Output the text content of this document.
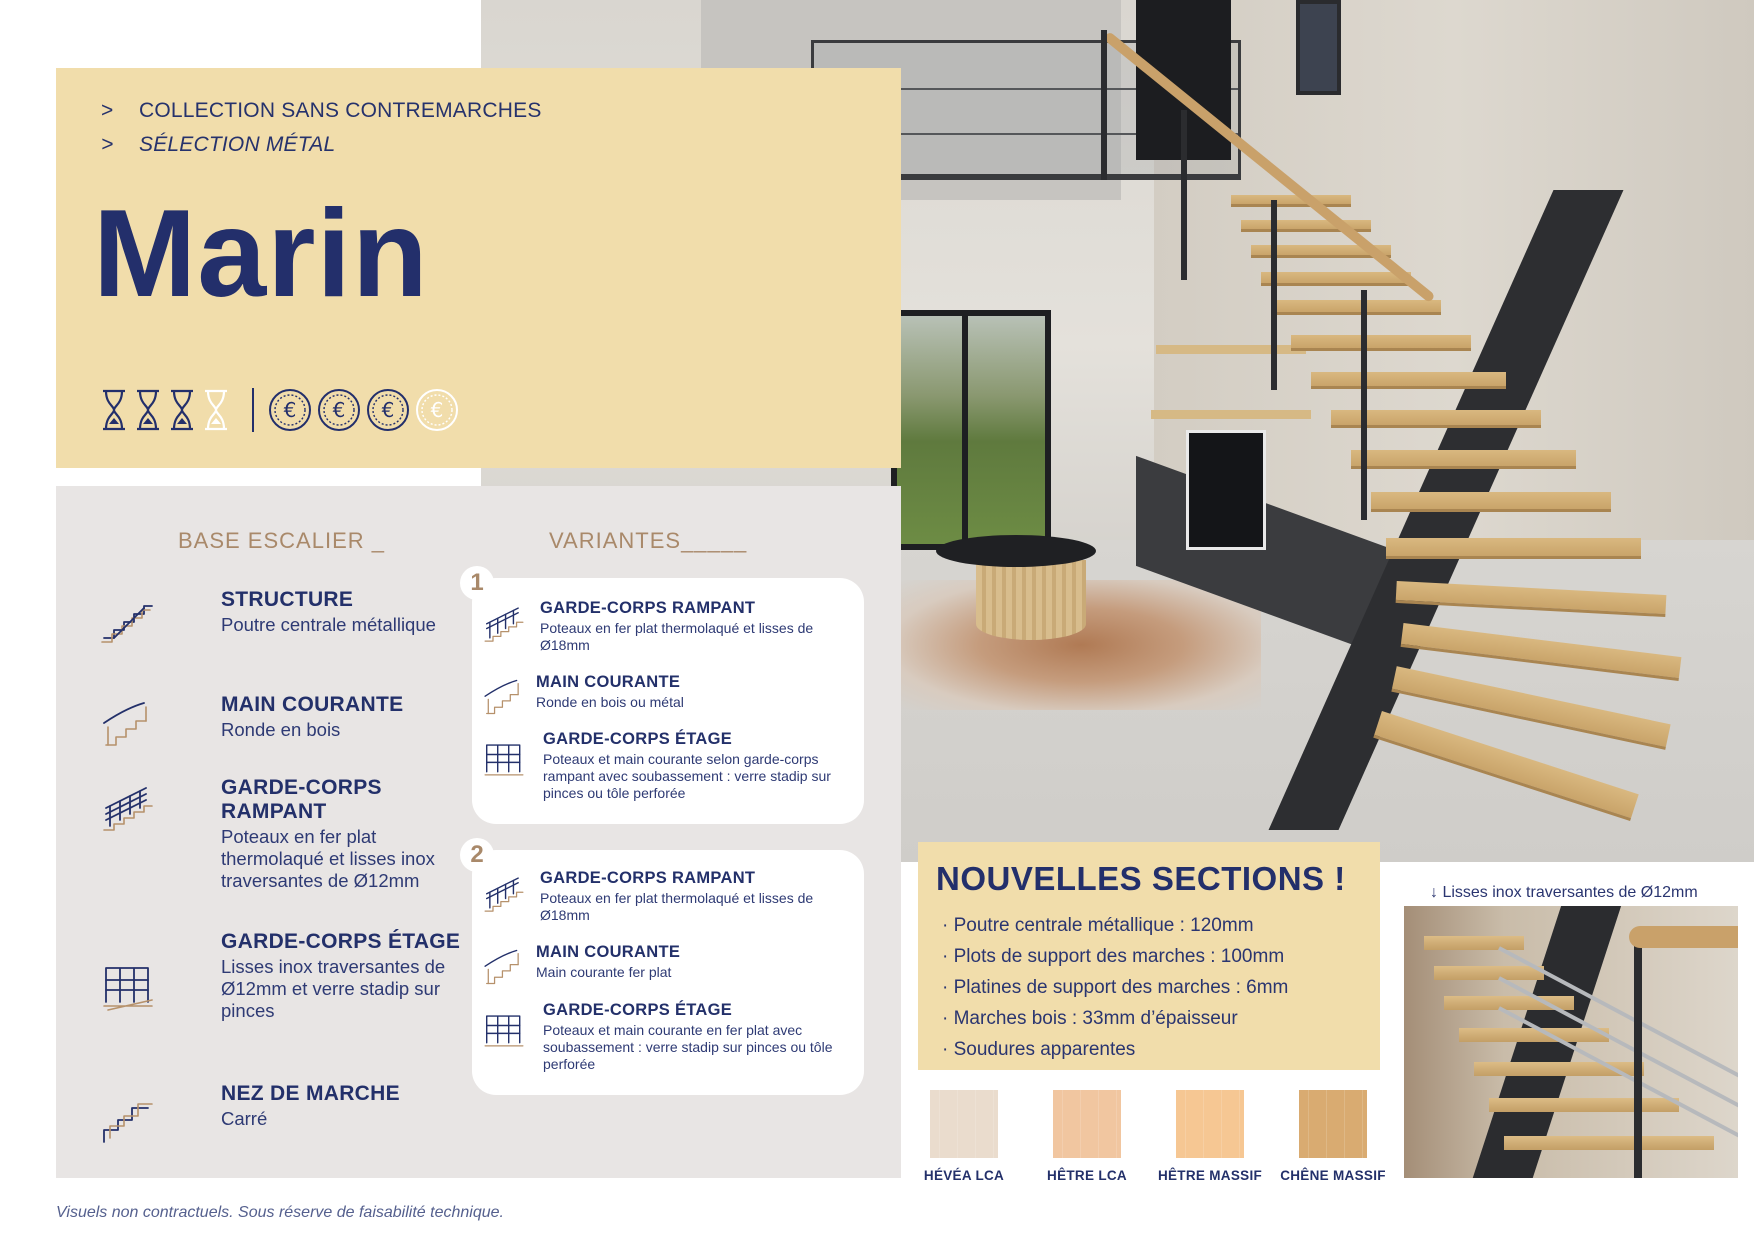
> COLLECTION SANS CONTREMARCHES
> SÉLECTION MÉTAL
Marin
€ € € €
BASE ESCALIER _	VARIANTES_____
STRUCTURE
Poutre centrale métallique
MAIN COURANTE
Ronde en bois
GARDE-CORPS RAMPANT
Poteaux en fer plat thermolaqué et lisses inox traversantes de Ø12mm
GARDE-CORPS ÉTAGE
Lisses inox traversantes de Ø12mm et verre stadip sur pinces
NEZ DE MARCHE
Carré
1
GARDE-CORPS RAMPANT
Poteaux en fer plat thermolaqué et lisses de Ø18mm
MAIN COURANTE
Ronde en bois ou métal
GARDE-CORPS ÉTAGE
Poteaux et main courante selon garde-corps rampant avec soubassement : verre stadip sur pinces ou tôle perforée
2
GARDE-CORPS RAMPANT
Poteaux en fer plat thermolaqué et lisses de Ø18mm
MAIN COURANTE
Main courante fer plat
GARDE-CORPS ÉTAGE
Poteaux et main courante en fer plat avec soubassement : verre stadip sur pinces ou tôle perforée
NOUVELLES SECTIONS !
· Poutre centrale métallique : 120mm
· Plots de support des marches : 100mm
· Platines de support des marches : 6mm
· Marches bois : 33mm d’épaisseur
· Soudures apparentes
HÉVÉA LCA	HÊTRE LCA	HÊTRE MASSIF CHÊNE MASSIF
↓ Lisses inox traversantes de Ø12mm
Visuels non contractuels. Sous réserve de faisabilité technique.
